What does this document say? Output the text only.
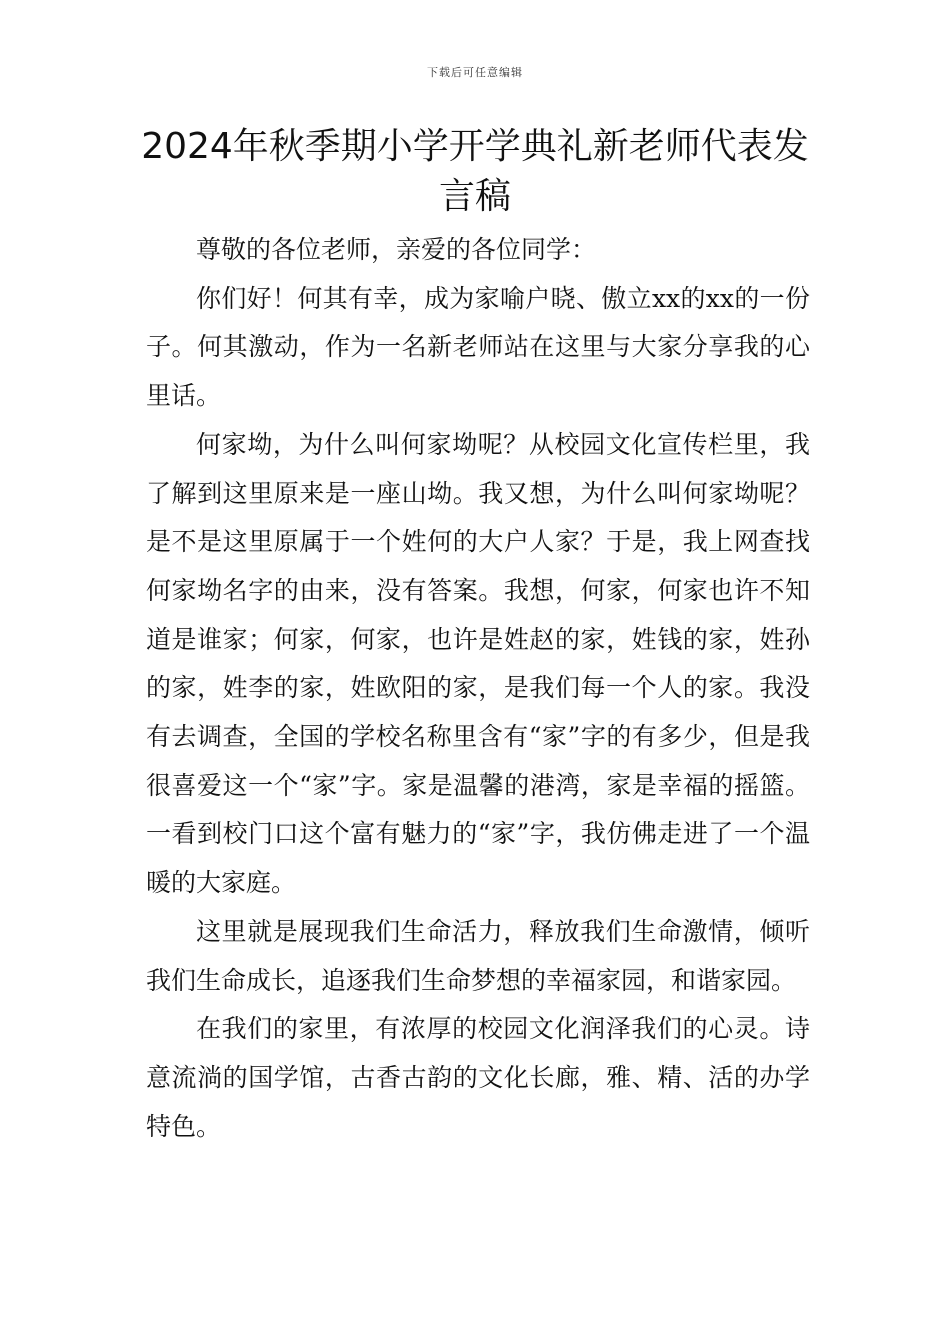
下载后可任意编辑
2024年秋季期小学开学典礼新老师代表发言稿

尊敬的各位老师，亲爱的各位同学：

你们好！何其有幸，成为家喻户晓、傲立xx的xx的一份子。何其激动，作为一名新老师站在这里与大家分享我的心里话。

何家坳，为什么叫何家坳呢？从校园文化宣传栏里，我了解到这里原来是一座山坳。我又想，为什么叫何家坳呢？是不是这里原属于一个姓何的大户人家？于是，我上网查找何家坳名字的由来，没有答案。我想，何家，何家也许不知道是谁家；何家，何家，也许是姓赵的家，姓钱的家，姓孙的家，姓李的家，姓欧阳的家，是我们每一个人的家。我没有去调查，全国的学校名称里含有“家”字的有多少，但是我很喜爱这一个“家”字。家是温馨的港湾，家是幸福的摇篮。一看到校门口这个富有魅力的“家”字，我仿佛走进了一个温暖的大家庭。

这里就是展现我们生命活力，释放我们生命激情，倾听我们生命成长，追逐我们生命梦想的幸福家园，和谐家园。

在我们的家里，有浓厚的校园文化润泽我们的心灵。诗意流淌的国学馆，古香古韵的文化长廊，雅、精、活的办学特色。
